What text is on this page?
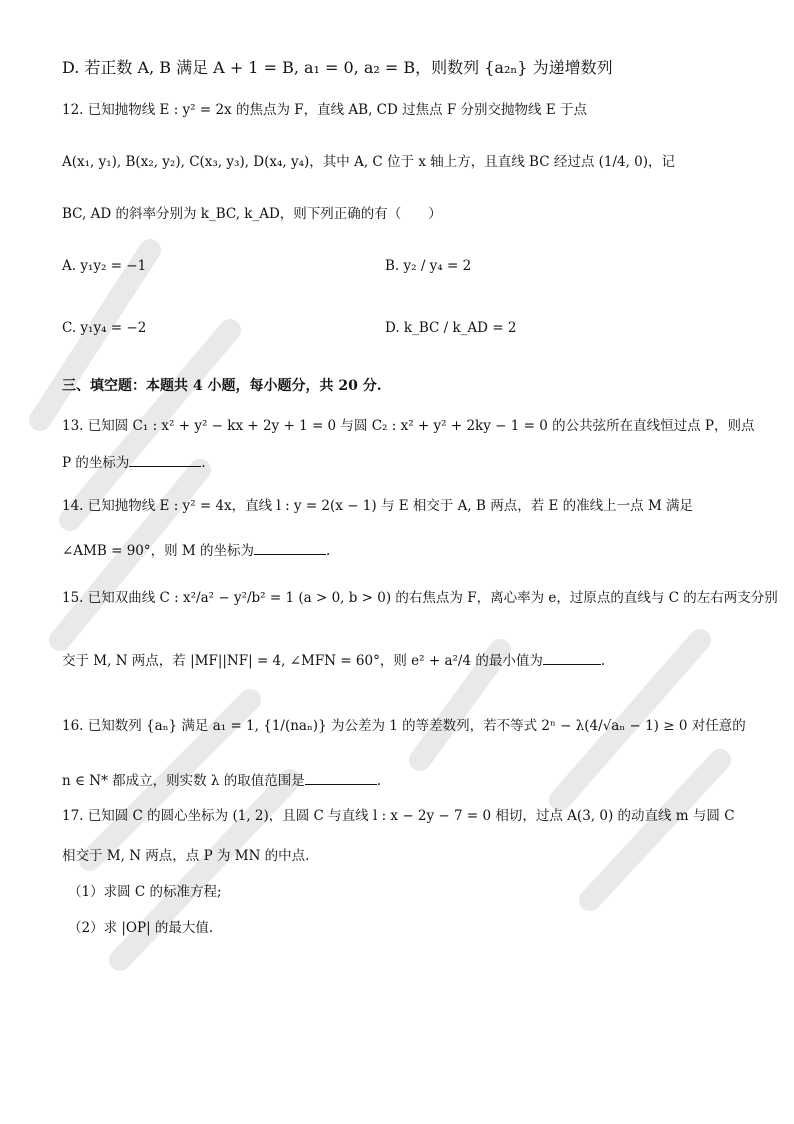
D. 若正数 A, B 满足 A + 1 = B, a₁ = 0, a₂ = B，则数列 {a₂ₙ} 为递增数列
12. 已知抛物线 E : y² = 2x 的焦点为 F，直线 AB, CD 过焦点 F 分别交抛物线 E 于点
A(x₁, y₁), B(x₂, y₂), C(x₃, y₃), D(x₄, y₄)，其中 A, C 位于 x 轴上方，且直线 BC 经过点 (1/4, 0)，记
BC, AD 的斜率分别为 k_BC, k_AD，则下列正确的有（　　）
A. y₁y₂ = −1	B. y₂ / y₄ = 2
C. y₁y₄ = −2	D. k_BC / k_AD = 2
三、填空题：本题共 4 小题，每小题分，共 20 分.
13. 已知圆 C₁ : x² + y² − kx + 2y + 1 = 0 与圆 C₂ : x² + y² + 2ky − 1 = 0 的公共弦所在直线恒过点 P，则点
P 的坐标为	.
14. 已知抛物线 E : y² = 4x，直线 l : y = 2(x − 1) 与 E 相交于 A, B 两点，若 E 的准线上一点 M 满足
∠AMB = 90°，则 M 的坐标为	.
15. 已知双曲线 C : x²/a² − y²/b² = 1 (a > 0, b > 0) 的右焦点为 F，离心率为 e，过原点的直线与 C 的左右两支分别
交于 M, N 两点，若 |MF||NF| = 4, ∠MFN = 60°，则 e² + a²/4 的最小值为	.
16. 已知数列 {aₙ} 满足 a₁ = 1, {1/(naₙ)} 为公差为 1 的等差数列，若不等式 2ⁿ − λ(4/√aₙ − 1) ≥ 0 对任意的
n ∈ N* 都成立，则实数 λ 的取值范围是	.
17. 已知圆 C 的圆心坐标为 (1, 2)，且圆 C 与直线 l : x − 2y − 7 = 0 相切，过点 A(3, 0) 的动直线 m 与圆 C
相交于 M, N 两点，点 P 为 MN 的中点.
（1）求圆 C 的标准方程;
（2）求 |OP| 的最大值.
